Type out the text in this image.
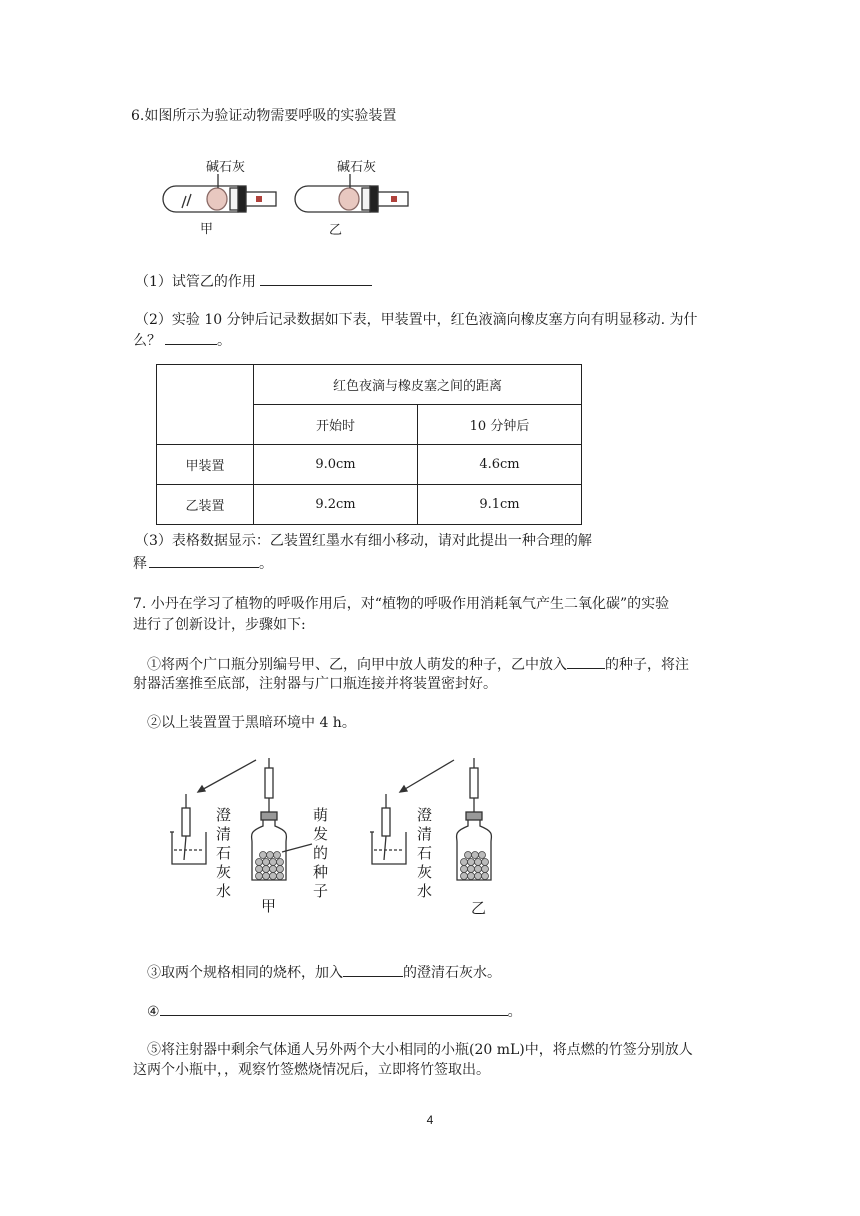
6.如图所示为验证动物需要呼吸的实验装置
碱石灰	碱石灰
甲	乙
（1）试管乙的作用
（2）实验 10 分钟后记录数据如下表，甲装置中，红色液滴向橡皮塞方向有明显移动. 为什
么？	。
	红色夜滴与橡皮塞之间的距离	
	开始时	10 分钟后
甲装置	9.0cm	4.6cm
乙装置	9.2cm	9.1cm
（3）表格数据显示：乙装置红墨水有细小移动，请对此提出一种合理的解
释	。
7. 小丹在学习了植物的呼吸作用后，对“植物的呼吸作用消耗氧气产生二氧化碳”的实验
进行了创新设计，步骤如下:
①将两个广口瓶分别编号甲、乙，向甲中放人萌发的种子，乙中放入	的种子，将注
射器活塞推至底部，注射器与广口瓶连接并将装置密封好。
②以上装置置于黑暗环境中 4 h。
澄
清
石
灰
水
萌
发
的
种
子
澄
清
石
灰
水
甲	乙
③取两个规格相同的烧杯，加入	的澄清石灰水。
④	。
⑤将注射器中剩余气体通人另外两个大小相同的小瓶(20 mL)中，将点燃的竹签分别放人
这两个小瓶中，，观察竹签燃烧情况后，立即将竹签取出。
4
